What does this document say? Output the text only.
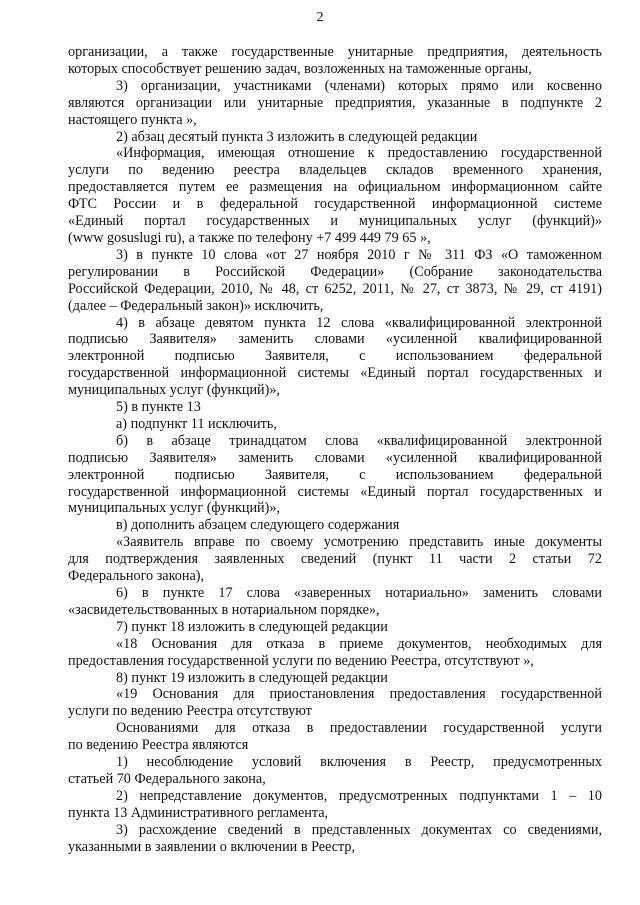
2

организации, а также государственные унитарные предприятия, деятельность

которых способствует решению задач, возложенных на таможенные органы,

3) организации, участниками (членами) которых прямо или косвенно

являются организации или унитарные предприятия, указанные в подпункте 2

настоящего пункта »,

2) абзац десятый пункта 3 изложить в следующей редакции

«Информация, имеющая отношение к предоставлению государственной

услуги по ведению реестра владельцев складов временного хранения,

предоставляется путем ее размещения на официальном информационном сайте

ФТС России и в федеральной государственной информационной системе

«Единый портал государственных и муниципальных услуг (функций)»

(www gosuslugi ru), а также по телефону +7 499 449 79 65 »,

3) в пункте 10 слова «от 27 ноября 2010 г № 311 ФЗ «О таможенном

регулировании в Российской Федерации» (Собрание законодательства

Российской Федерации, 2010, № 48, ст 6252, 2011, № 27, ст 3873, № 29, ст 4191)

(далее – Федеральный закон)» исключить,

4) в абзаце девятом пункта 12 слова «квалифицированной электронной

подписью Заявителя» заменить словами «усиленной квалифицированной

электронной подписью Заявителя, с использованием федеральной

государственной информационной системы «Единый портал государственных и

муниципальных услуг (функций)»,

5) в пункте 13

а) подпункт 11 исключить,

б) в абзаце тринадцатом слова «квалифицированной электронной

подписью Заявителя» заменить словами «усиленной квалифицированной

электронной подписью Заявителя, с использованием федеральной

государственной информационной системы «Единый портал государственных и

муниципальных услуг (функций)»,

в) дополнить абзацем следующего содержания

«Заявитель вправе по своему усмотрению представить иные документы

для подтверждения заявленных сведений (пункт 11 части 2 статьи 72

Федерального закона),

6) в пункте 17 слова «заверенных нотариально» заменить словами

«засвидетельствованных в нотариальном порядке»,

7) пункт 18 изложить в следующей редакции

«18 Основания для отказа в приеме документов, необходимых для

предоставления государственной услуги по ведению Реестра, отсутствуют »,

8) пункт 19 изложить в следующей редакции

«19 Основания для приостановления предоставления государственной

услуги по ведению Реестра отсутствуют

Основаниями для отказа в предоставлении государственной услуги

по ведению Реестра являются

1) несоблюдение условий включения в Реестр, предусмотренных

статьей 70 Федерального закона,

2) непредставление документов, предусмотренных подпунктами 1 – 10

пункта 13 Административного регламента,

3) расхождение сведений в представленных документах со сведениями,

указанными в заявлении о включении в Реестр,
